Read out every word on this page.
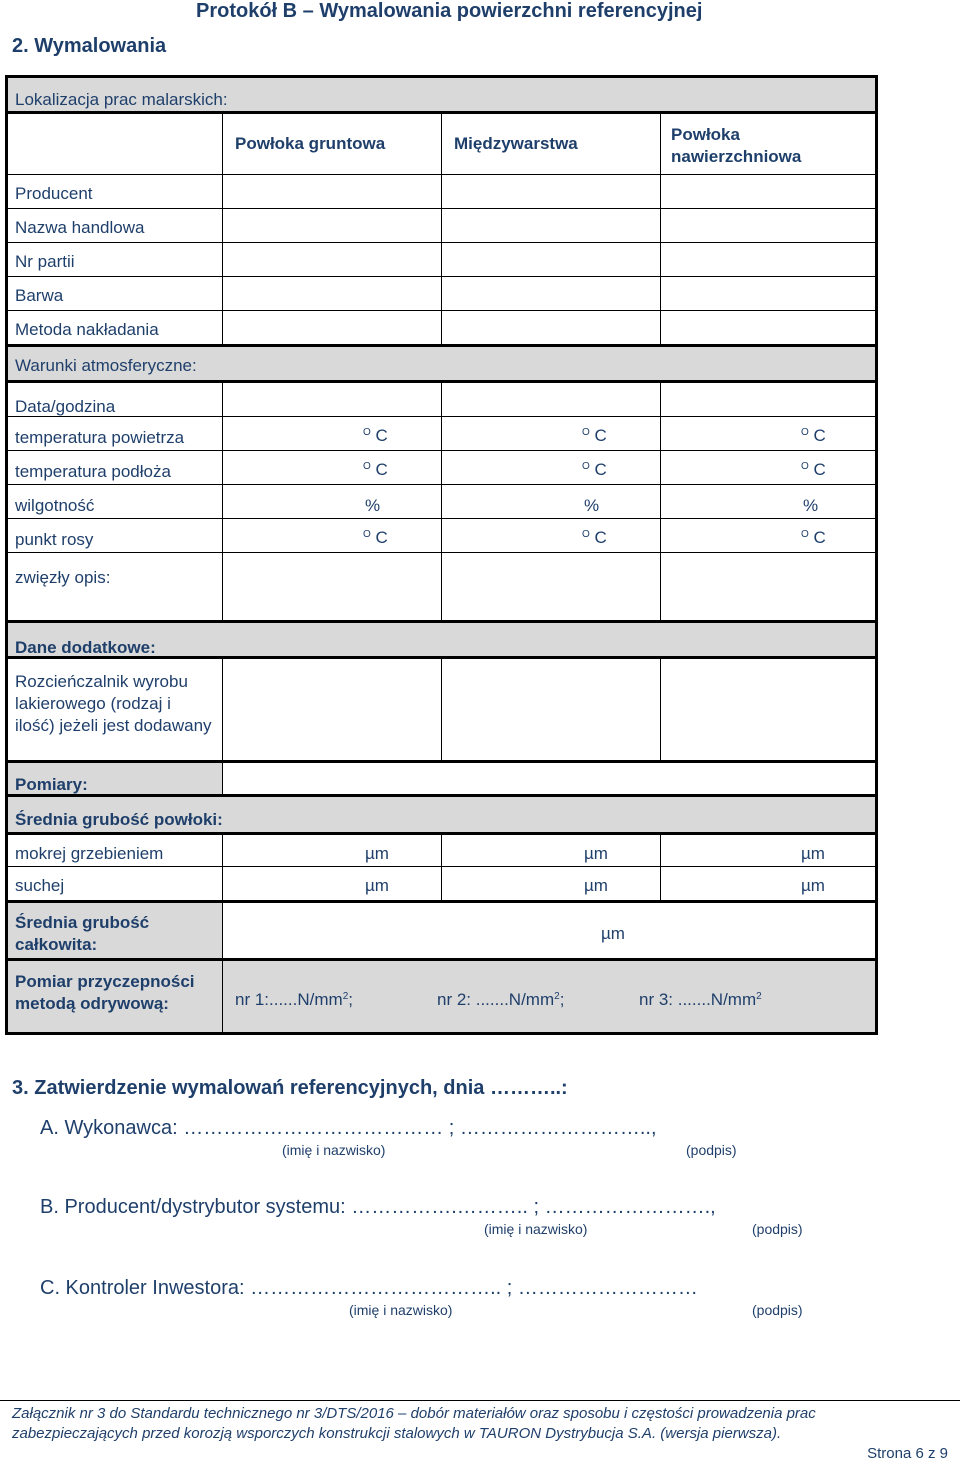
Protokół B – Wymalowania powierzchni referencyjnej
2. Wymalowania
Lokalizacja prac malarskich:
Powłoka gruntowa	Międzywarstwa	Powłoka nawierzchniowa
Producent
Nazwa handlowa
Nr partii
Barwa
Metoda nakładania
Warunki atmosferyczne:
Data/godzina
temperatura powietrza	$^O$ C	$^O$ C	$^O$ C
temperatura podłoża	$^O$ C	$^O$ C	$^O$ C
wilgotność	%	%	%
punkt rosy	$^O$ C	$^O$ C	$^O$ C
zwięzły opis:
Dane dodatkowe:
Rozcieńczalnik wyrobu lakierowego (rodzaj i ilość) jeżeli jest dodawany
Pomiary:
Średnia grubość powłoki:
mokrej grzebieniem	µm	µm	µm
suchej	µm	µm	µm
Średnia grubość całkowita:
µm
Pomiar przyczepności metodą odrywową:	nr $1:......N/mm^2$;	nr 2: $.......N/mm^2$;	nr 3: $.......N/mm^2$
3. Zatwierdzenie wymalowań referencyjnych, dnia ………..:
A. Wykonawca: ………………………………… ; ………………………..,
(imię i nazwisko)	(podpis)
B. Producent/dystrybutor systemu: …………….……….. ; …………………….,
(imię i nazwisko)	(podpis)
C. Kontroler Inwestora: ……………………………….. ; ………………………
(imię i nazwisko)	(podpis)
Załącznik nr 3 do Standardu technicznego nr 3/DTS/2016 – dobór materiałów oraz sposobu i częstości prowadzenia prac
zabezpieczających przed korozją wsporczych konstrukcji stalowych w TAURON Dystrybucja S.A. (wersja pierwsza).
Strona 6 z 9
